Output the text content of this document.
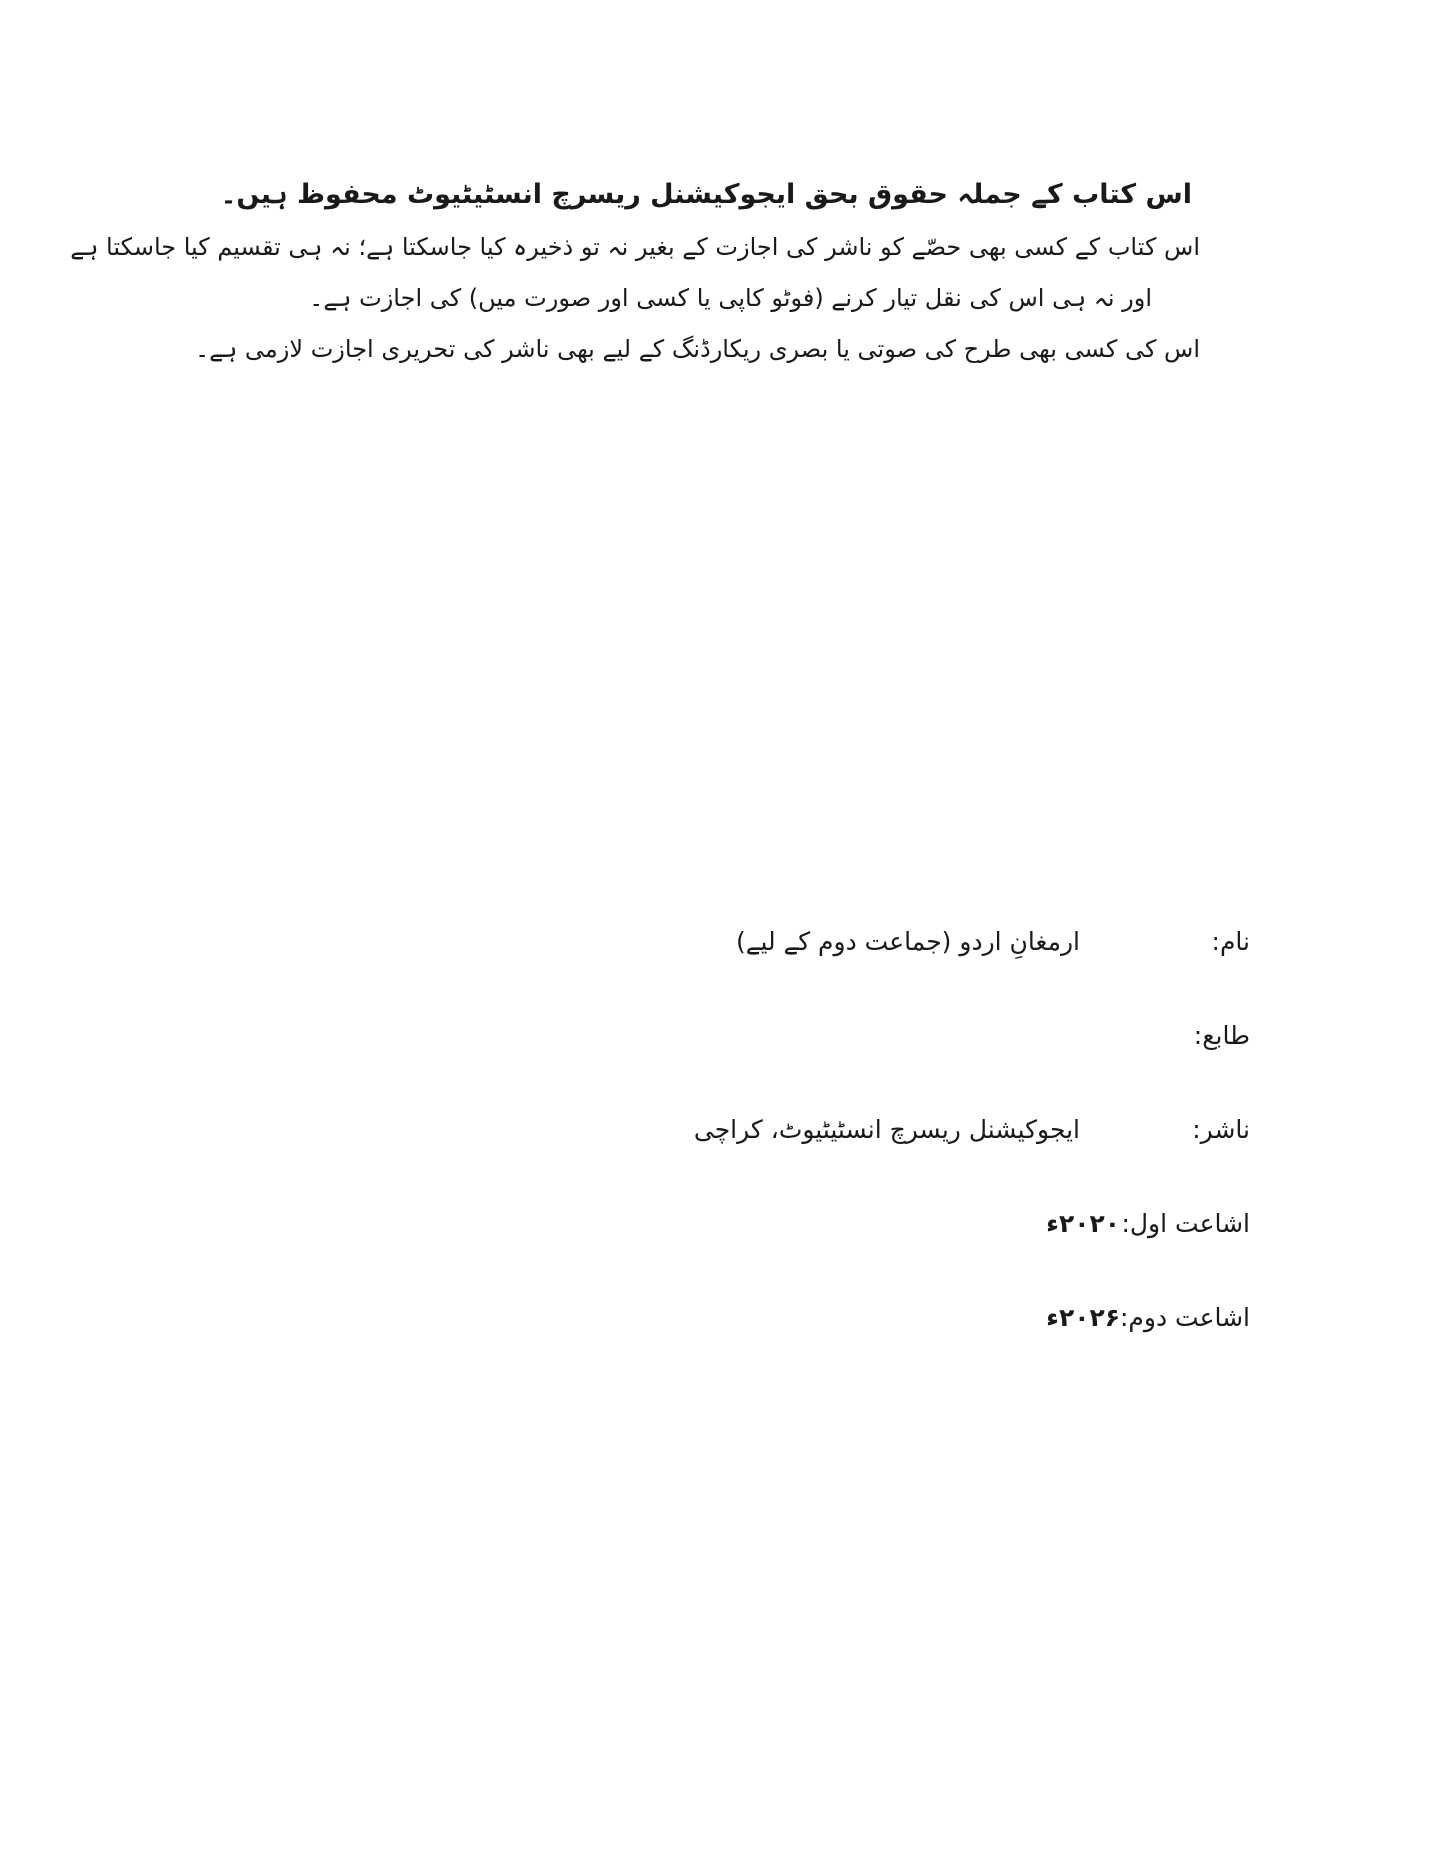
اس کتاب کے جملہ حقوق بحق ایجوکیشنل ریسرچ انسٹیٹیوٹ محفوظ ہیں۔
اس کتاب کے کسی بھی حصّے کو ناشر کی اجازت کے بغیر نہ تو ذخیرہ کیا جاسکتا ہے؛ نہ ہی تقسیم کیا جاسکتا ہے
اور نہ ہی اس کی نقل تیار کرنے (فوٹو کاپی یا کسی اور صورت میں) کی اجازت ہے۔
اس کی کسی بھی طرح کی صوتی یا بصری ریکارڈنگ کے لیے بھی ناشر کی تحریری اجازت لازمی ہے۔
نام:
ارمغانِ اردو (جماعت دوم کے لیے)
طابع:
ناشر:
ایجوکیشنل ریسرچ انسٹیٹیوٹ، کراچی
اشاعت اول:
۲۰۲۰ء
اشاعت دوم:
۲۰۲۶ء
